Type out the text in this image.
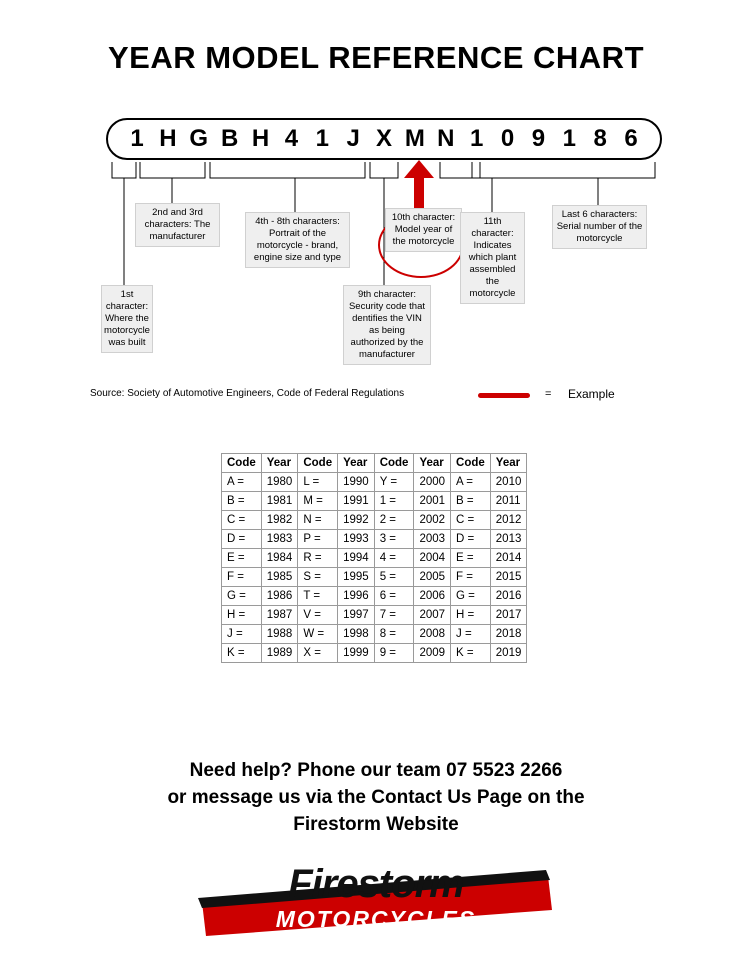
YEAR MODEL REFERENCE CHART
1 H G B H 4 1 J X M N 1 0 9 1 8 6
1st character: Where the motorcycle was built
2nd and 3rd characters: The manufacturer
4th - 8th characters: Portrait of the motorcycle - brand, engine size and type
9th character: Security code that dentifies the VIN as being authorized by the manufacturer
10th character: Model year of the motorcycle
11th character: Indicates which plant assembled the motorcycle
Last 6 characters: Serial number of the motorcycle
Source: Society of Automotive Engineers, Code of Federal Regulations	= Example
Code	Year	Code	Year	Code	Year	Code	Year
A =	1980	L =	1990	Y =	2000	A =	2010
B =	1981	M =	1991	1 =	2001	B =	2011
C =	1982	N =	1992	2 =	2002	C =	2012
D =	1983	P =	1993	3 =	2003	D =	2013
E =	1984	R =	1994	4 =	2004	E =	2014
F =	1985	S =	1995	5 =	2005	F =	2015
G =	1986	T =	1996	6 =	2006	G =	2016
H =	1987	V =	1997	7 =	2007	H =	2017
J =	1988	W =	1998	8 =	2008	J =	2018
K =	1989	X =	1999	9 =	2009	K =	2019
Need help? Phone our team 07 5523 2266
or message us via the Contact Us Page on the
Firestorm Website
Firestorm
MOTORCYCLES
